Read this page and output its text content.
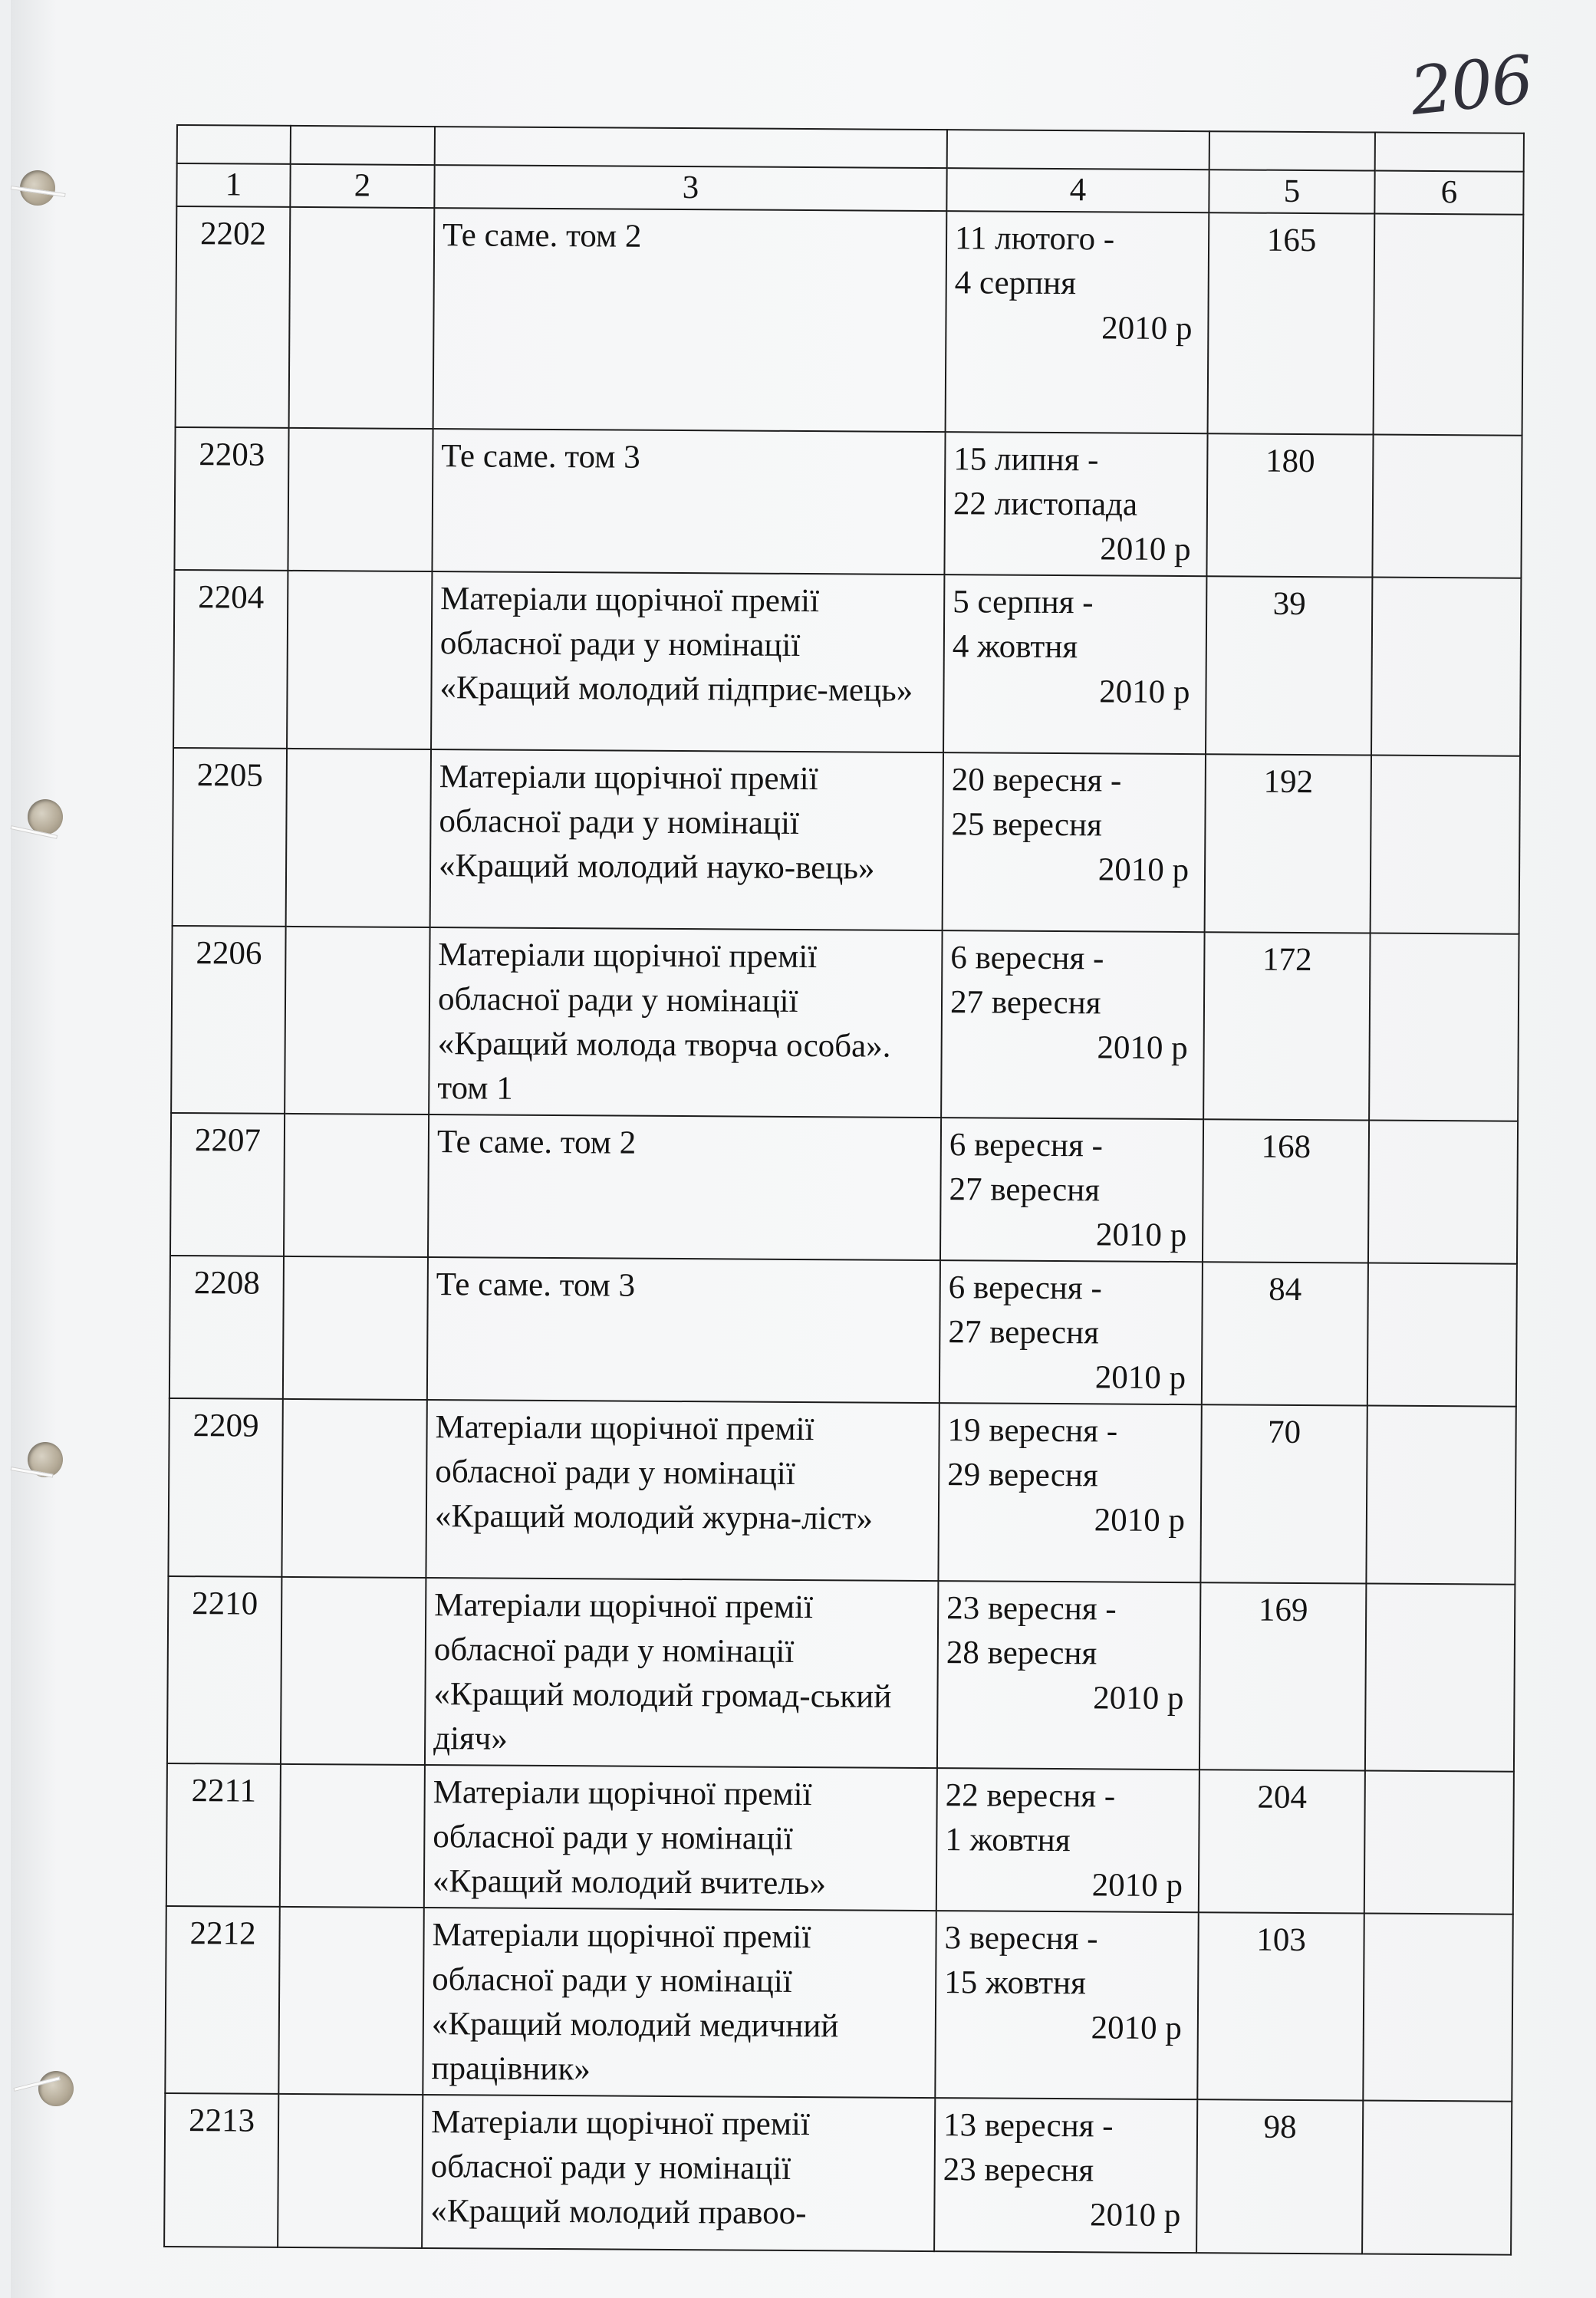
206

1	2	3	4	5	6
2202		Те саме. том 2	11 лютого -
4 серпня
2010 р	165	
2203		Те саме. том 3	15 липня -
22 листопада
2010 р	180	
2204		Матеріали щорічної премії обласної ради у номінації «Кращий молодий підприє-мець»	5 серпня -
4 жовтня
2010 р	39	
2205		Матеріали щорічної премії обласної ради у номінації «Кращий молодий науко-вець»	20 вересня -
25 вересня
2010 р	192	
2206		Матеріали щорічної премії обласної ради у номінації «Кращий молода творча особа». том 1	6 вересня -
27 вересня
2010 р	172	
2207		Те саме. том 2	6 вересня -
27 вересня
2010 р	168	
2208		Те саме. том 3	6 вересня -
27 вересня
2010 р	84	
2209		Матеріали щорічної премії обласної ради у номінації «Кращий молодий журна-ліст»	19 вересня -
29 вересня
2010 р	70	
2210		Матеріали щорічної премії обласної ради у номінації «Кращий молодий громад-ський діяч»	23 вересня -
28 вересня
2010 р	169	
2211		Матеріали щорічної премії обласної ради у номінації «Кращий молодий вчитель»	22 вересня -
1 жовтня
2010 р	204	
2212		Матеріали щорічної премії обласної ради у номінації «Кращий молодий медичний працівник»	3 вересня -
15 жовтня
2010 р	103	
2213		Матеріали щорічної премії обласної ради у номінації «Кращий молодий правоо-	13 вересня -
23 вересня
2010 р	98	
